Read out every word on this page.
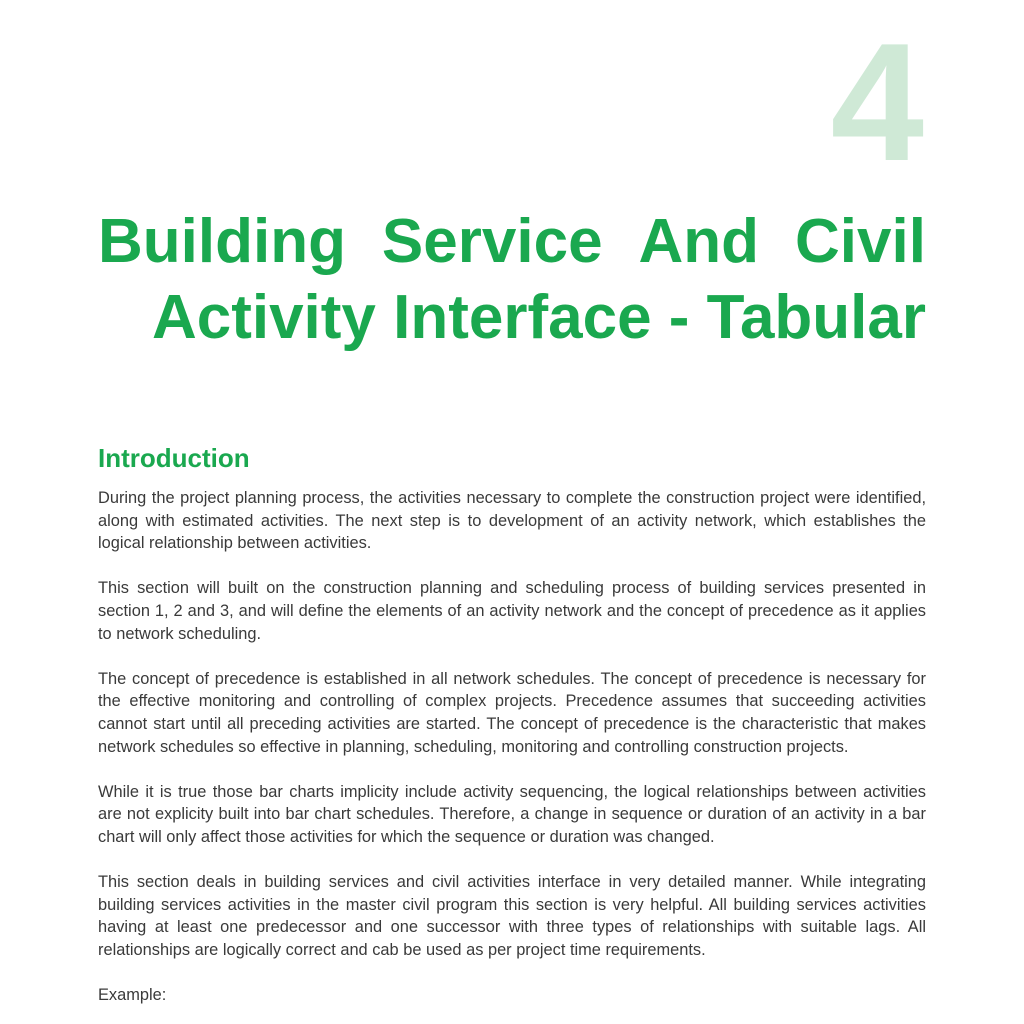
4
Building Service And Civil
Activity Interface - Tabular
Introduction

During the project planning process, the activities necessary to complete the construction project were identified, along with estimated activities. The next step is to development of an activity network, which establishes the logical relationship between activities.

This section will built on the construction planning and scheduling process of building services presented in section 1, 2 and 3, and will define the elements of an activity network and the concept of precedence as it applies to network scheduling.

The concept of precedence is established in all network schedules. The concept of precedence is necessary for the effective monitoring and controlling of complex projects. Precedence assumes that succeeding activities cannot start until all preceding activities are started. The concept of precedence is the characteristic that makes network schedules so effective in planning, scheduling, monitoring and controlling construction projects.

While it is true those bar charts implicity include activity sequencing, the logical relationships between activities are not explicity built into bar chart schedules. Therefore, a change in sequence or duration of an activity in a bar chart will only affect those activities for which the sequence or duration was changed.

This section deals in building services and civil activities interface in very detailed manner. While integrating building services activities in the master civil program this section is very helpful. All building services activities having at least one predecessor and one successor with three types of relationships with suitable lags. All relationships are logically correct and cab be used as per project time requirements.

Example:
